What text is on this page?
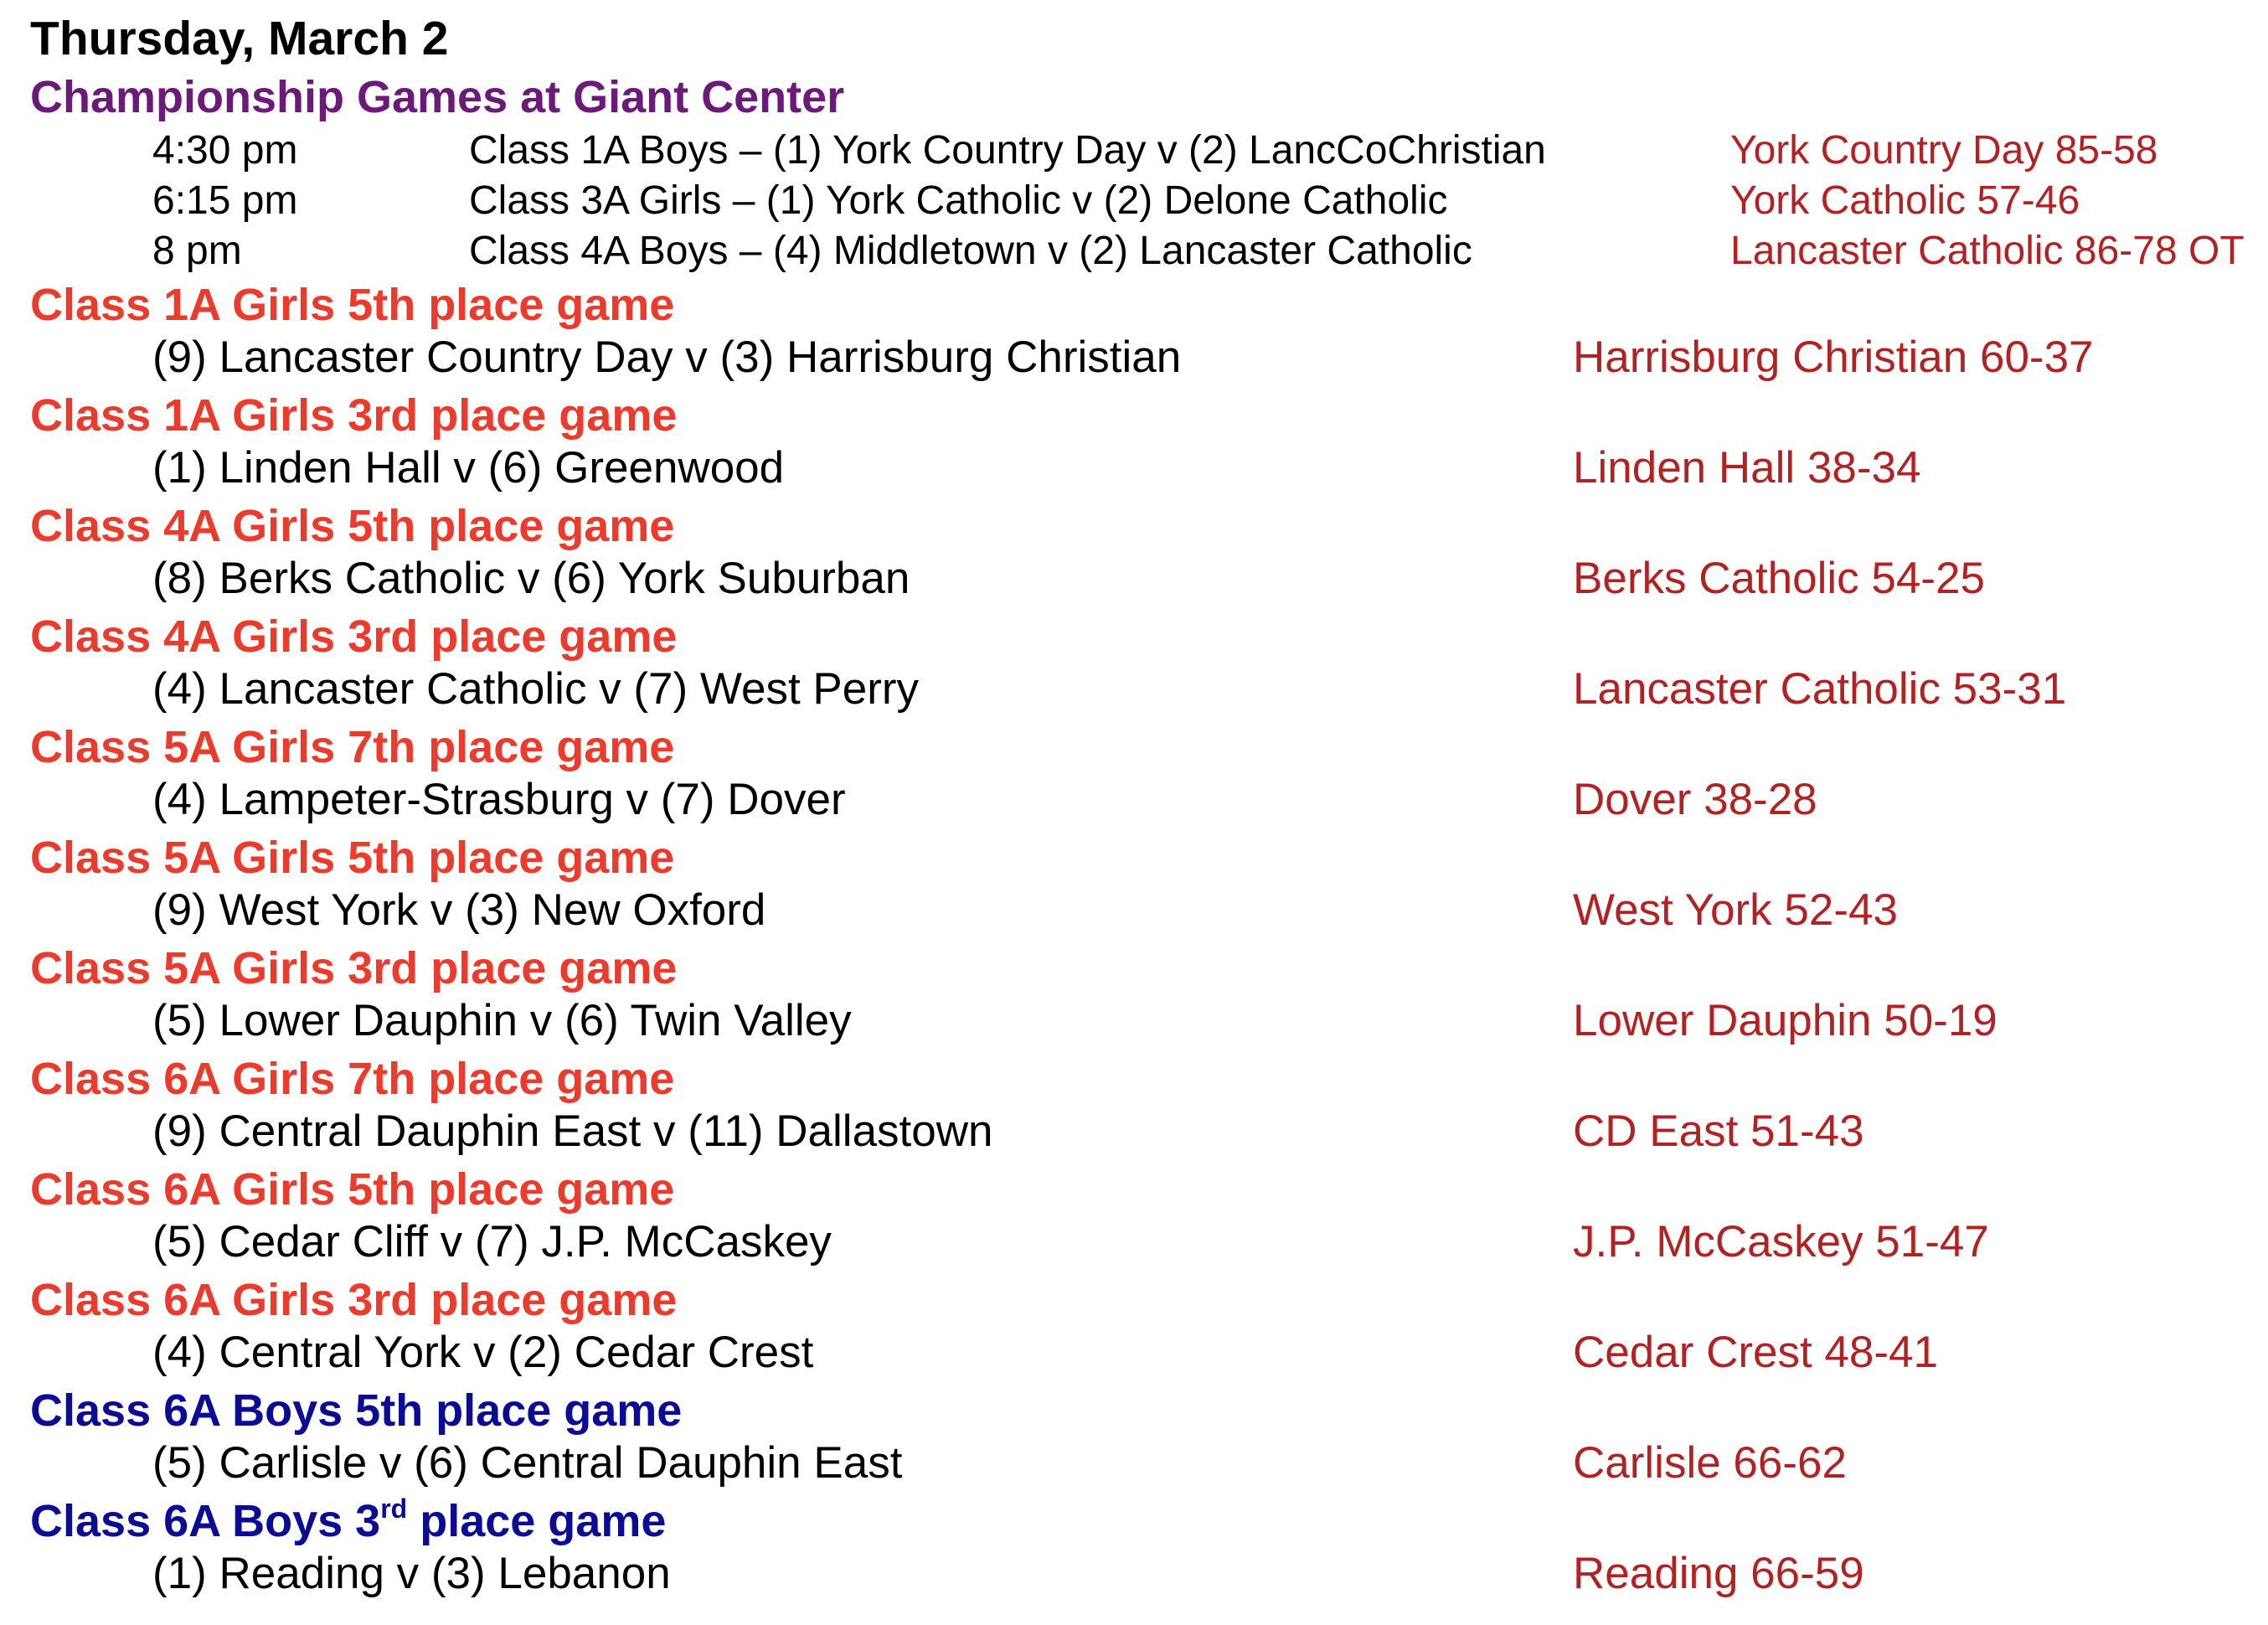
Thursday, March 2
Championship Games at Giant Center
4:30 pm	Class 1A Boys – (1) York Country Day v (2) LancCoChristian	York Country Day 85-58
6:15 pm	Class 3A Girls – (1) York Catholic v (2) Delone Catholic	York Catholic 57-46
8 pm	Class 4A Boys – (4) Middletown v (2) Lancaster Catholic	Lancaster Catholic 86-78 OT
Class 1A Girls 5th place game
(9) Lancaster Country Day v (3) Harrisburg Christian	Harrisburg Christian 60-37
Class 1A Girls 3rd place game
(1) Linden Hall v (6) Greenwood	Linden Hall 38-34
Class 4A Girls 5th place game
(8) Berks Catholic v (6) York Suburban	Berks Catholic 54-25
Class 4A Girls 3rd place game
(4) Lancaster Catholic v (7) West Perry	Lancaster Catholic 53-31
Class 5A Girls 7th place game
(4) Lampeter-Strasburg v (7) Dover	Dover 38-28
Class 5A Girls 5th place game
(9) West York v (3) New Oxford	West York 52-43
Class 5A Girls 3rd place game
(5) Lower Dauphin v (6) Twin Valley	Lower Dauphin 50-19
Class 6A Girls 7th place game
(9) Central Dauphin East v (11) Dallastown	CD East 51-43
Class 6A Girls 5th place game
(5) Cedar Cliff v (7) J.P. McCaskey	J.P. McCaskey 51-47
Class 6A Girls 3rd place game
(4) Central York v (2) Cedar Crest	Cedar Crest 48-41
Class 6A Boys 5th place game
(5) Carlisle v (6) Central Dauphin East	Carlisle 66-62
Class 6A Boys 3rd place game
(1) Reading v (3) Lebanon	Reading 66-59
